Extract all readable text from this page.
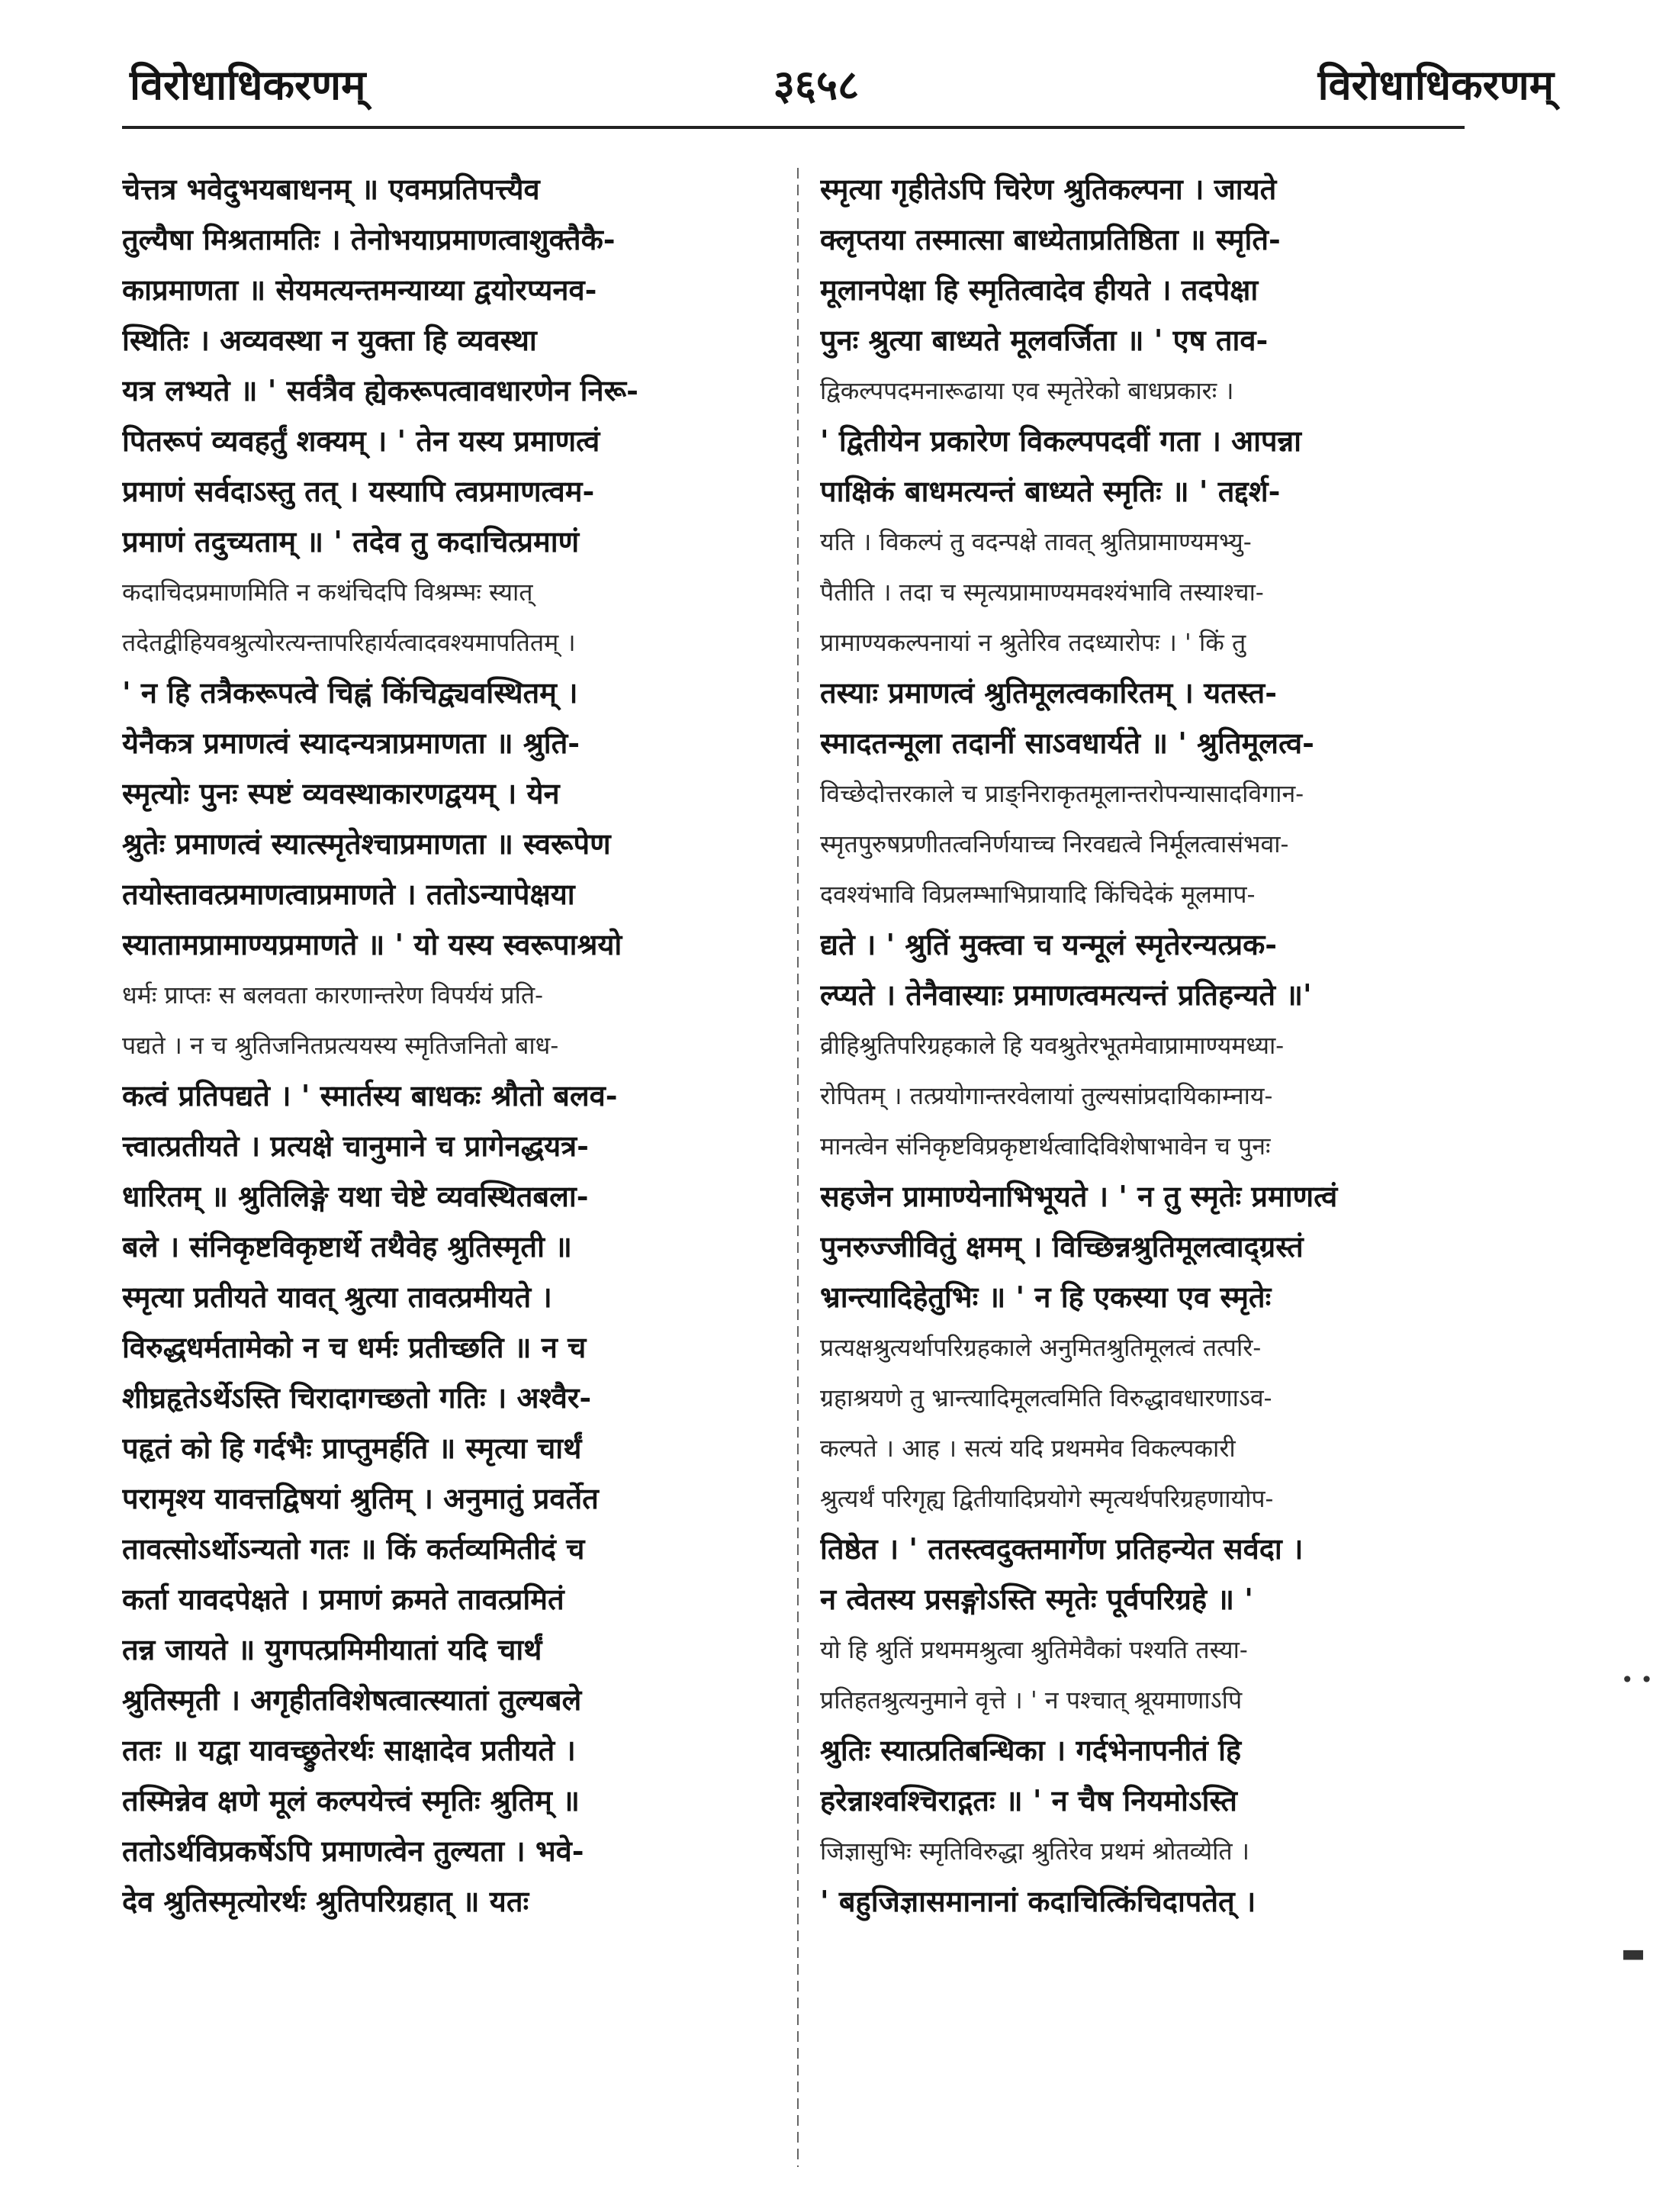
विरोधाधिकरणम्	३६५८	विरोधाधिकरणम्
चेत्तत्र भवेदुभयबाधनम् ॥ एवमप्रतिपत्त्यैव
तुल्यैषा मिश्रतामतिः । तेनोभयाप्रमाणत्वाशुक्तैकै-
काप्रमाणता ॥ सेयमत्यन्तमन्याय्या द्वयोरप्यनव-
स्थितिः । अव्यवस्था न युक्ता हि व्यवस्था
यत्र लभ्यते ॥ ' सर्वत्रैव ह्येकरूपत्वावधारणेन निरू-
पितरूपं व्यवहर्तुं शक्यम् । ' तेन यस्य प्रमाणत्वं
प्रमाणं सर्वदाऽस्तु तत् । यस्यापि त्वप्रमाणत्वम-
प्रमाणं तदुच्यताम् ॥ ' तदेव तु कदाचित्प्रमाणं
कदाचिदप्रमाणमिति न कथंचिदपि विश्रम्भः स्यात्
तदेतद्वीहियवश्रुत्योरत्यन्तापरिहार्यत्वादवश्यमापतितम् ।
' न हि तत्रैकरूपत्वे चिह्नं किंचिद्व्यवस्थितम् ।
येनैकत्र प्रमाणत्वं स्यादन्यत्राप्रमाणता ॥ श्रुति-
स्मृत्योः पुनः स्पष्टं व्यवस्थाकारणद्वयम् । येन
श्रुतेः प्रमाणत्वं स्यात्स्मृतेश्चाप्रमाणता ॥ स्वरूपेण
तयोस्तावत्प्रमाणत्वाप्रमाणते । ततोऽन्यापेक्षया
स्यातामप्रामाण्यप्रमाणते ॥ ' यो यस्य स्वरूपाश्रयो
धर्मः प्राप्तः स बलवता कारणान्तरेण विपर्ययं प्रति-
पद्यते । न च श्रुतिजनितप्रत्ययस्य स्मृतिजनितो बाध-
कत्वं प्रतिपद्यते । ' स्मार्तस्य बाधकः श्रौतो बलव-
त्त्वात्प्रतीयते । प्रत्यक्षे चानुमाने च प्रागेनद्धयत्र-
धारितम् ॥ श्रुतिलिङ्गे यथा चेष्टे व्यवस्थितबला-
बले । संनिकृष्टविकृष्टार्थे तथैवेह श्रुतिस्मृती ॥
स्मृत्या प्रतीयते यावत् श्रुत्या तावत्प्रमीयते ।
विरुद्धधर्मतामेको न च धर्मः प्रतीच्छति ॥ न च
शीघ्रहृतेऽर्थेऽस्ति चिरादागच्छतो गतिः । अश्वैर-
पहृतं को हि गर्दभैः प्राप्तुमर्हति ॥ स्मृत्या चार्थं
परामृश्य यावत्तद्विषयां श्रुतिम् । अनुमातुं प्रवर्तेत
तावत्सोऽर्थोऽन्यतो गतः ॥ किं कर्तव्यमितीदं च
कर्ता यावदपेक्षते । प्रमाणं क्रमते तावत्प्रमितं
तन्न जायते ॥ युगपत्प्रमिमीयातां यदि चार्थं
श्रुतिस्मृती । अगृहीतविशेषत्वात्स्यातां तुल्यबले
ततः ॥ यद्वा यावच्छ्रुतेरर्थः साक्षादेव प्रतीयते ।
तस्मिन्नेव क्षणे मूलं कल्पयेत्त्वं स्मृतिः श्रुतिम् ॥
ततोऽर्थविप्रकर्षेऽपि प्रमाणत्वेन तुल्यता । भवे-
देव श्रुतिस्मृत्योरर्थः श्रुतिपरिग्रहात् ॥ यतः
स्मृत्या गृहीतेऽपि चिरेण श्रुतिकल्पना । जायते
क्लृप्तया तस्मात्सा बाध्येताप्रतिष्ठिता ॥ स्मृति-
मूलानपेक्षा हि स्मृतित्वादेव हीयते । तदपेक्षा
पुनः श्रुत्या बाध्यते मूलवर्जिता ॥ ' एष ताव-
द्विकल्पपदमनारूढाया एव स्मृतेरेको बाधप्रकारः ।
' द्वितीयेन प्रकारेण विकल्पपदवीं गता । आपन्ना
पाक्षिकं बाधमत्यन्तं बाध्यते स्मृतिः ॥ ' तद्दर्श-
यति । विकल्पं तु वदन्पक्षे तावत् श्रुतिप्रामाण्यमभ्यु-
पैतीति । तदा च स्मृत्यप्रामाण्यमवश्यंभावि तस्याश्चा-
प्रामाण्यकल्पनायां न श्रुतेरिव तदध्यारोपः । ' किं तु
तस्याः प्रमाणत्वं श्रुतिमूलत्वकारितम् । यतस्त-
स्मादतन्मूला तदानीं साऽवधार्यते ॥ ' श्रुतिमूलत्व-
विच्छेदोत्तरकाले च प्राङ्निराकृतमूलान्तरोपन्यासादविगान-
स्मृतपुरुषप्रणीतत्वनिर्णयाच्च निरवद्यत्वे निर्मूलत्वासंभवा-
दवश्यंभावि विप्रलम्भाभिप्रायादि किंचिदेकं मूलमाप-
द्यते । ' श्रुतिं मुक्त्वा च यन्मूलं स्मृतेरन्यत्प्रक-
ल्प्यते । तेनैवास्याः प्रमाणत्वमत्यन्तं प्रतिहन्यते ॥'
व्रीहिश्रुतिपरिग्रहकाले हि यवश्रुतेरभूतमेवाप्रामाण्यमध्या-
रोपितम् । तत्प्रयोगान्तरवेलायां तुल्यसांप्रदायिकाम्नाय-
मानत्वेन संनिकृष्टविप्रकृष्टार्थत्वादिविशेषाभावेन च पुनः
सहजेन प्रामाण्येनाभिभूयते । ' न तु स्मृतेः प्रमाणत्वं
पुनरुज्जीवितुं क्षमम् । विच्छिन्नश्रुतिमूलत्वाद्ग्रस्तं
भ्रान्त्यादिहेतुभिः ॥ ' न हि एकस्या एव स्मृतेः
प्रत्यक्षश्रुत्यर्थापरिग्रहकाले अनुमितश्रुतिमूलत्वं तत्परि-
ग्रहाश्रयणे तु भ्रान्त्यादिमूलत्वमिति विरुद्धावधारणाऽव-
कल्पते । आह । सत्यं यदि प्रथममेव विकल्पकारी
श्रुत्यर्थं परिगृह्य द्वितीयादिप्रयोगे स्मृत्यर्थपरिग्रहणायोप-
तिष्ठेत । ' ततस्त्वदुक्तमार्गेण प्रतिहन्येत सर्वदा ।
न त्वेतस्य प्रसङ्गोऽस्ति स्मृतेः पूर्वपरिग्रहे ॥ '
यो हि श्रुतिं प्रथममश्रुत्वा श्रुतिमेवैकां पश्यति तस्या-
प्रतिहतश्रुत्यनुमाने वृत्ते । ' न पश्चात् श्रूयमाणाऽपि
श्रुतिः स्यात्प्रतिबन्धिका । गर्दभेनापनीतं हि
हरेन्नाश्वश्चिराद्गतः ॥ ' न चैष नियमोऽस्ति
जिज्ञासुभिः स्मृतिविरुद्धा श्रुतिरेव प्रथमं श्रोतव्येति ।
' बहुजिज्ञासमानानां कदाचित्किंचिदापतेत् ।
• •
▬
